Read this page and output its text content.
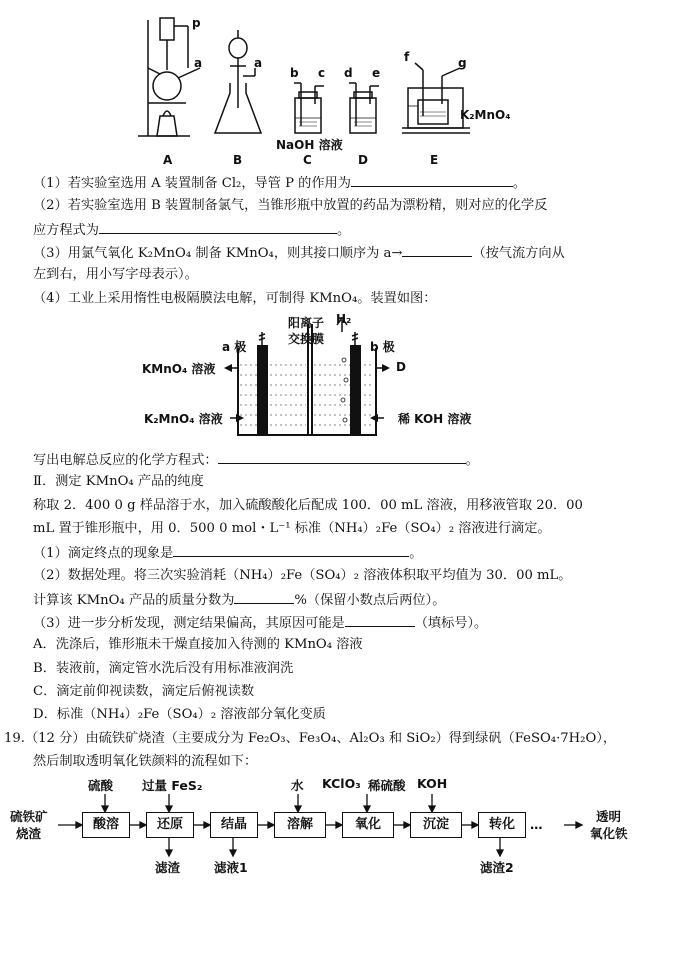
p
a	a
b c d e
f	g
K₂MnO₄
NaOH 溶液
A	B	C	D	E
（1）若实验室选用 A 装置制备 Cl₂，导管 P 的作用为	。
（2）若实验室选用 B 装置制备氯气，当锥形瓶中放置的药品为漂粉精，则对应的化学反
应方程式为	。
（3）用氯气氧化 K₂MnO₄ 制备 KMnO₄，则其接口顺序为 a→	（按气流方向从
左到右，用小写字母表示）。
（4）工业上采用惰性电极隔膜法电解，可制得 KMnO₄。装置如图：
阳离子
交换膜
H₂
a 极	b 极
KMnO₄ 溶液
K₂MnO₄ 溶液
D
稀 KOH 溶液
写出电解总反应的化学方程式：	。
Ⅱ．测定 KMnO₄ 产品的纯度
称取 2．400 0 g 样品溶于水，加入硫酸酸化后配成 100．00 mL 溶液，用移液管取 20．00
mL 置于锥形瓶中，用 0．500 0 mol・L⁻¹ 标准（NH₄）₂Fe（SO₄）₂ 溶液进行滴定。
（1）滴定终点的现象是	。
（2）数据处理。将三次实验消耗（NH₄）₂Fe（SO₄）₂ 溶液体积取平均值为 30．00 mL。
计算该 KMnO₄ 产品的质量分数为	%（保留小数点后两位）。
（3）进一步分析发现，测定结果偏高，其原因可能是	（填标号）。
A．洗涤后，锥形瓶未干燥直接加入待测的 KMnO₄ 溶液
B．装液前，滴定管水洗后没有用标准液润洗
C．滴定前仰视读数，滴定后俯视读数
D．标准（NH₄）₂Fe（SO₄）₂ 溶液部分氧化变质
19.（12 分）由硫铁矿烧渣（主要成分为 Fe₂O₃、Fe₃O₄、Al₂O₃ 和 SiO₂）得到绿矾（FeSO₄·7H₂O），
然后制取透明氧化铁颜料的流程如下：
硫铁矿
烧渣
酸溶	还原	结晶	溶解	氧化	沉淀	转化
硫酸 过量 FeS₂	水 KClO₃ 稀硫酸 KOH
滤渣	滤液1	滤渣2
…
透明
氧化铁
